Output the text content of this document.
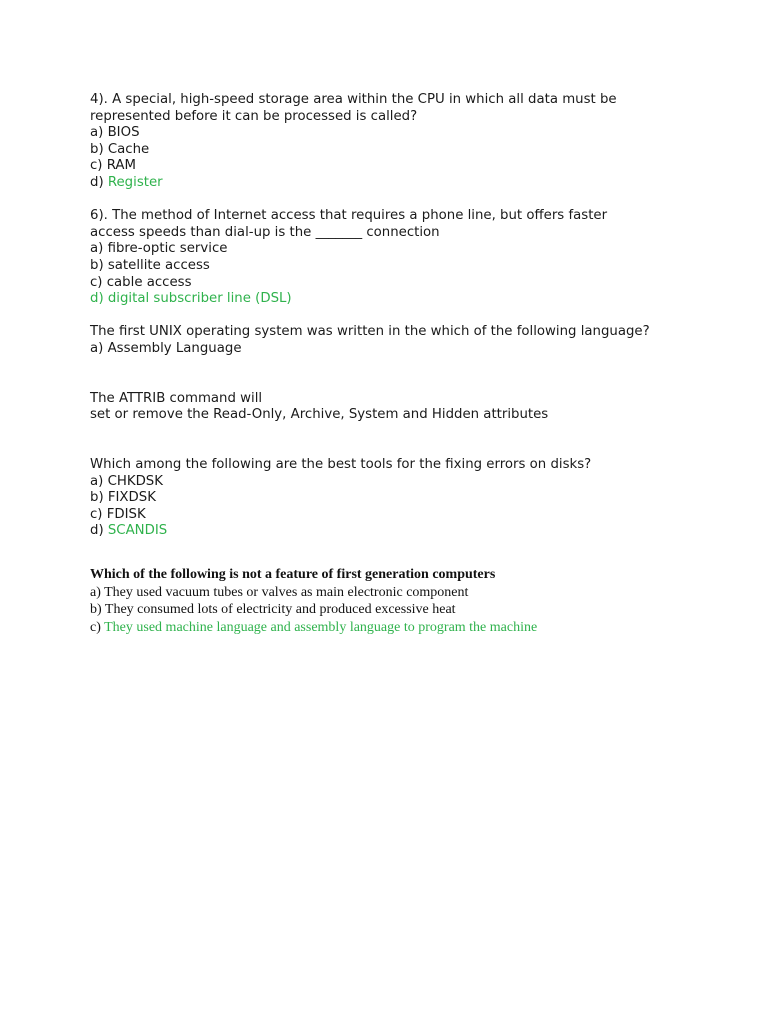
4). A special, high-speed storage area within the CPU in which all data must be
represented before it can be processed is called?
a) BIOS
b) Cache
c) RAM
d) Register
6). The method of Internet access that requires a phone line, but offers faster
access speeds than dial-up is the _______ connection
a) fibre-optic service
b) satellite access
c) cable access
d) digital subscriber line (DSL)
The first UNIX operating system was written in the which of the following language?
a) Assembly Language
The ATTRIB command will
set or remove the Read-Only, Archive, System and Hidden attributes
Which among the following are the best tools for the fixing errors on disks?
a) CHKDSK
b) FIXDSK
c) FDISK
d) SCANDIS
Which of the following is not a feature of first generation computers
a) They used vacuum tubes or valves as main electronic component
b) They consumed lots of electricity and produced excessive heat
c) They used machine language and assembly language to program the machine
